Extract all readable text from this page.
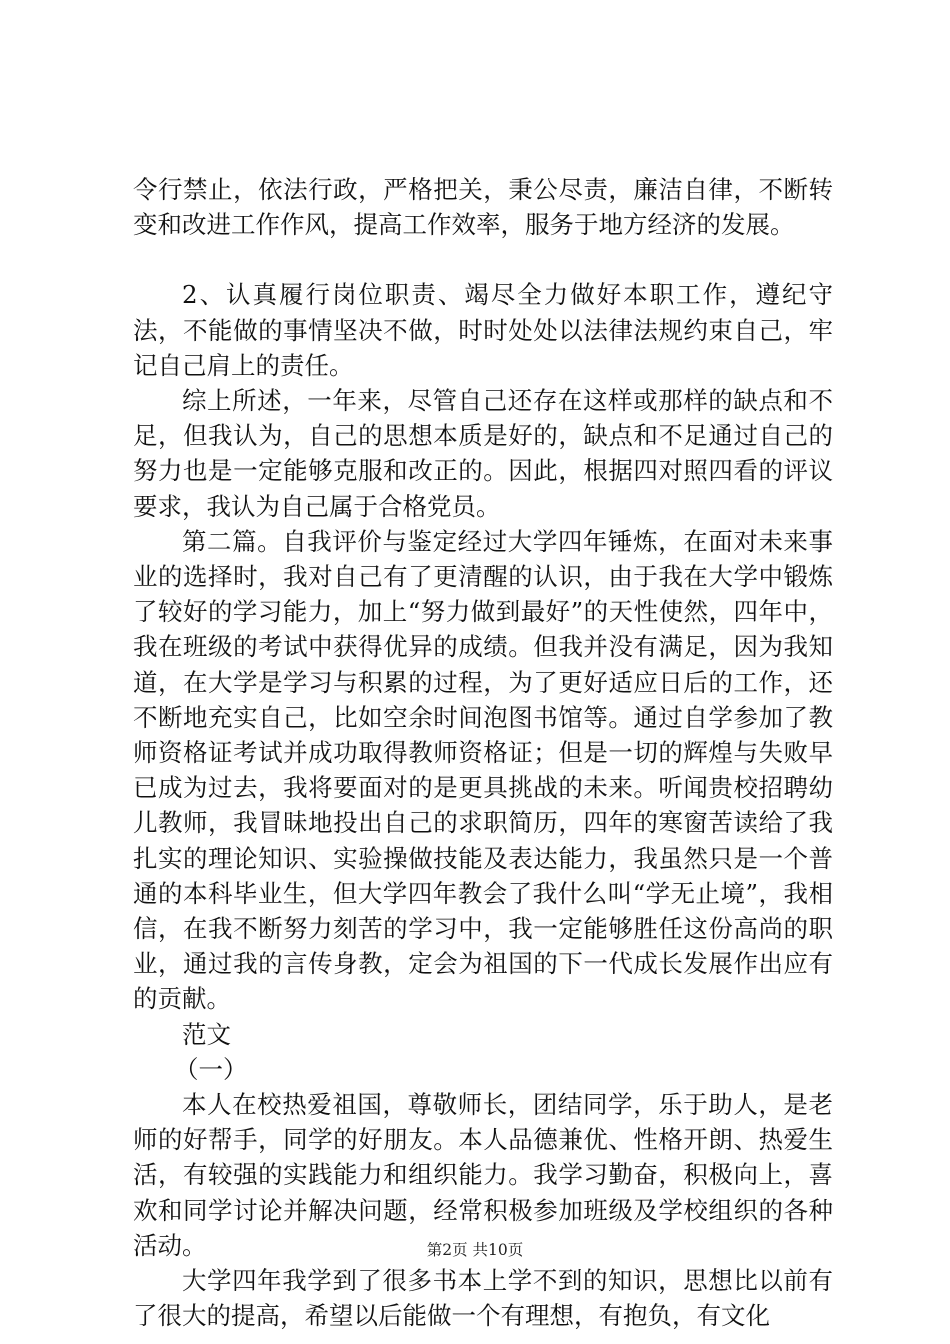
令行禁止，依法行政，严格把关，秉公尽责，廉洁自律，不断转变和改进工作作风，提高工作效率，服务于地方经济的发展。

2、认真履行岗位职责、竭尽全力做好本职工作，遵纪守法，不能做的事情坚决不做，时时处处以法律法规约束自己，牢记自己肩上的责任。

综上所述，一年来，尽管自己还存在这样或那样的缺点和不足，但我认为，自己的思想本质是好的，缺点和不足通过自己的努力也是一定能够克服和改正的。因此，根据四对照四看的评议要求，我认为自己属于合格党员。

第二篇。自我评价与鉴定经过大学四年锤炼，在面对未来事业的选择时，我对自己有了更清醒的认识，由于我在大学中锻炼了较好的学习能力，加上“努力做到最好”的天性使然，四年中，我在班级的考试中获得优异的成绩。但我并没有满足，因为我知道，在大学是学习与积累的过程，为了更好适应日后的工作，还不断地充实自己，比如空余时间泡图书馆等。通过自学参加了教师资格证考试并成功取得教师资格证；但是一切的辉煌与失败早已成为过去，我将要面对的是更具挑战的未来。听闻贵校招聘幼儿教师，我冒昧地投出自己的求职简历，四年的寒窗苦读给了我扎实的理论知识、实验操做技能及表达能力，我虽然只是一个普通的本科毕业生，但大学四年教会了我什么叫“学无止境”，我相信，在我不断努力刻苦的学习中，我一定能够胜任这份高尚的职业，通过我的言传身教，定会为祖国的下一代成长发展作出应有的贡献。

范文

（一）

本人在校热爱祖国，尊敬师长，团结同学，乐于助人，是老师的好帮手，同学的好朋友。本人品德兼优、性格开朗、热爱生活，有较强的实践能力和组织能力。我学习勤奋，积极向上，喜欢和同学讨论并解决问题，经常积极参加班级及学校组织的各种活动。

大学四年我学到了很多书本上学不到的知识，思想比以前有了很大的提高，希望以后能做一个有理想，有抱负，有文化

第2页 共10页
